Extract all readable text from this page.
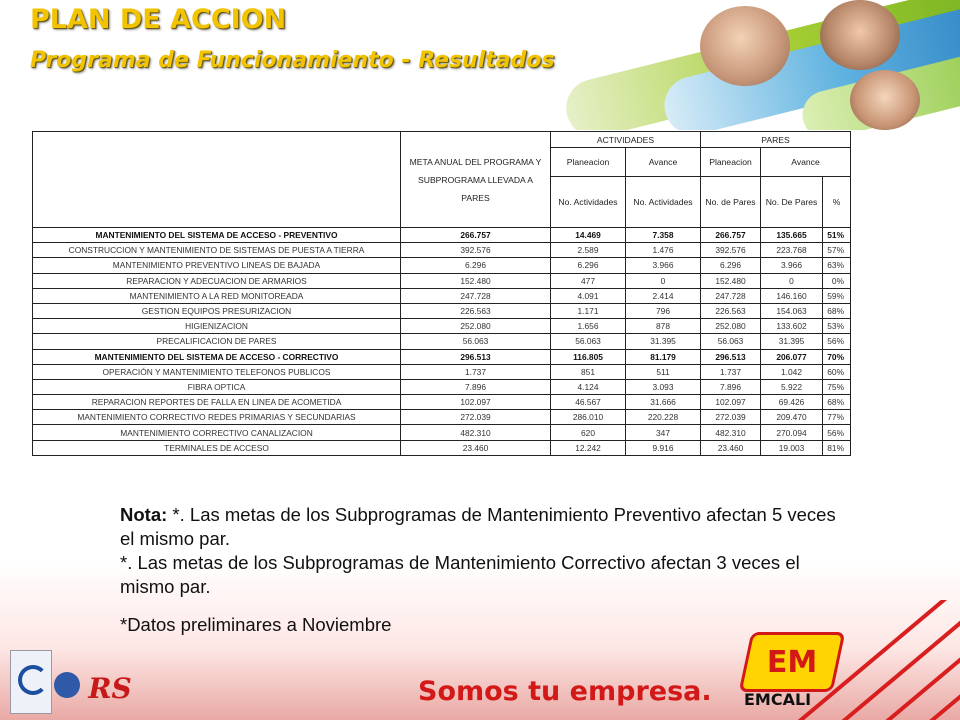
PLAN DE ACCION
Programa de Funcionamiento - Resultados
	META ANUAL DEL PROGRAMA Y SUBPROGRAMA LLEVADA A PARES	ACTIVIDADES		PARES		
		Planeacion	Avance	Planeacion	Avance	
		No. Actividades	No. Actividades	No. de Pares	No. De Pares	%
MANTENIMIENTO DEL SISTEMA DE ACCESO - PREVENTIVO	266.757	14.469	7.358	266.757	135.665	51%
CONSTRUCCION Y MANTENIMIENTO DE SISTEMAS DE PUESTA A TIERRA	392.576	2.589	1.476	392.576	223.768	57%
MANTENIMIENTO PREVENTIVO LINEAS DE BAJADA	6.296	6.296	3.966	6.296	3.966	63%
REPARACION Y ADECUACION DE ARMARIOS	152.480	477	0	152.480	0	0%
MANTENIMIENTO A LA RED MONITOREADA	247.728	4.091	2.414	247.728	146.160	59%
GESTION EQUIPOS PRESURIZACION	226.563	1.171	796	226.563	154.063	68%
HIGIENIZACION	252.080	1.656	878	252.080	133.602	53%
PRECALIFICACION DE PARES	56.063	56.063	31.395	56.063	31.395	56%
MANTENIMIENTO DEL SISTEMA DE ACCESO - CORRECTIVO	296.513	116.805	81.179	296.513	206.077	70%
OPERACIÓN Y MANTENIMIENTO TELEFONOS PUBLICOS	1.737	851	511	1.737	1.042	60%
FIBRA OPTICA	7.896	4.124	3.093	7.896	5.922	75%
REPARACION REPORTES DE FALLA EN LINEA DE ACOMETIDA	102.097	46.567	31.666	102.097	69.426	68%
MANTENIMIENTO CORRECTIVO REDES PRIMARIAS Y SECUNDARIAS	272.039	286.010	220.228	272.039	209.470	77%
MANTENIMIENTO CORRECTIVO CANALIZACION	482.310	620	347	482.310	270.094	56%
TERMINALES DE ACCESO	23.460	12.242	9.916	23.460	19.003	81%

Nota: *. Las metas de los Subprogramas de Mantenimiento Preventivo afectan 5 veces el mismo par.

*. Las metas de los Subprogramas de Mantenimiento Correctivo afectan 3 veces el mismo par.

*Datos preliminares a Noviembre

RS	Somos tu empresa.

EM

EMCALI
